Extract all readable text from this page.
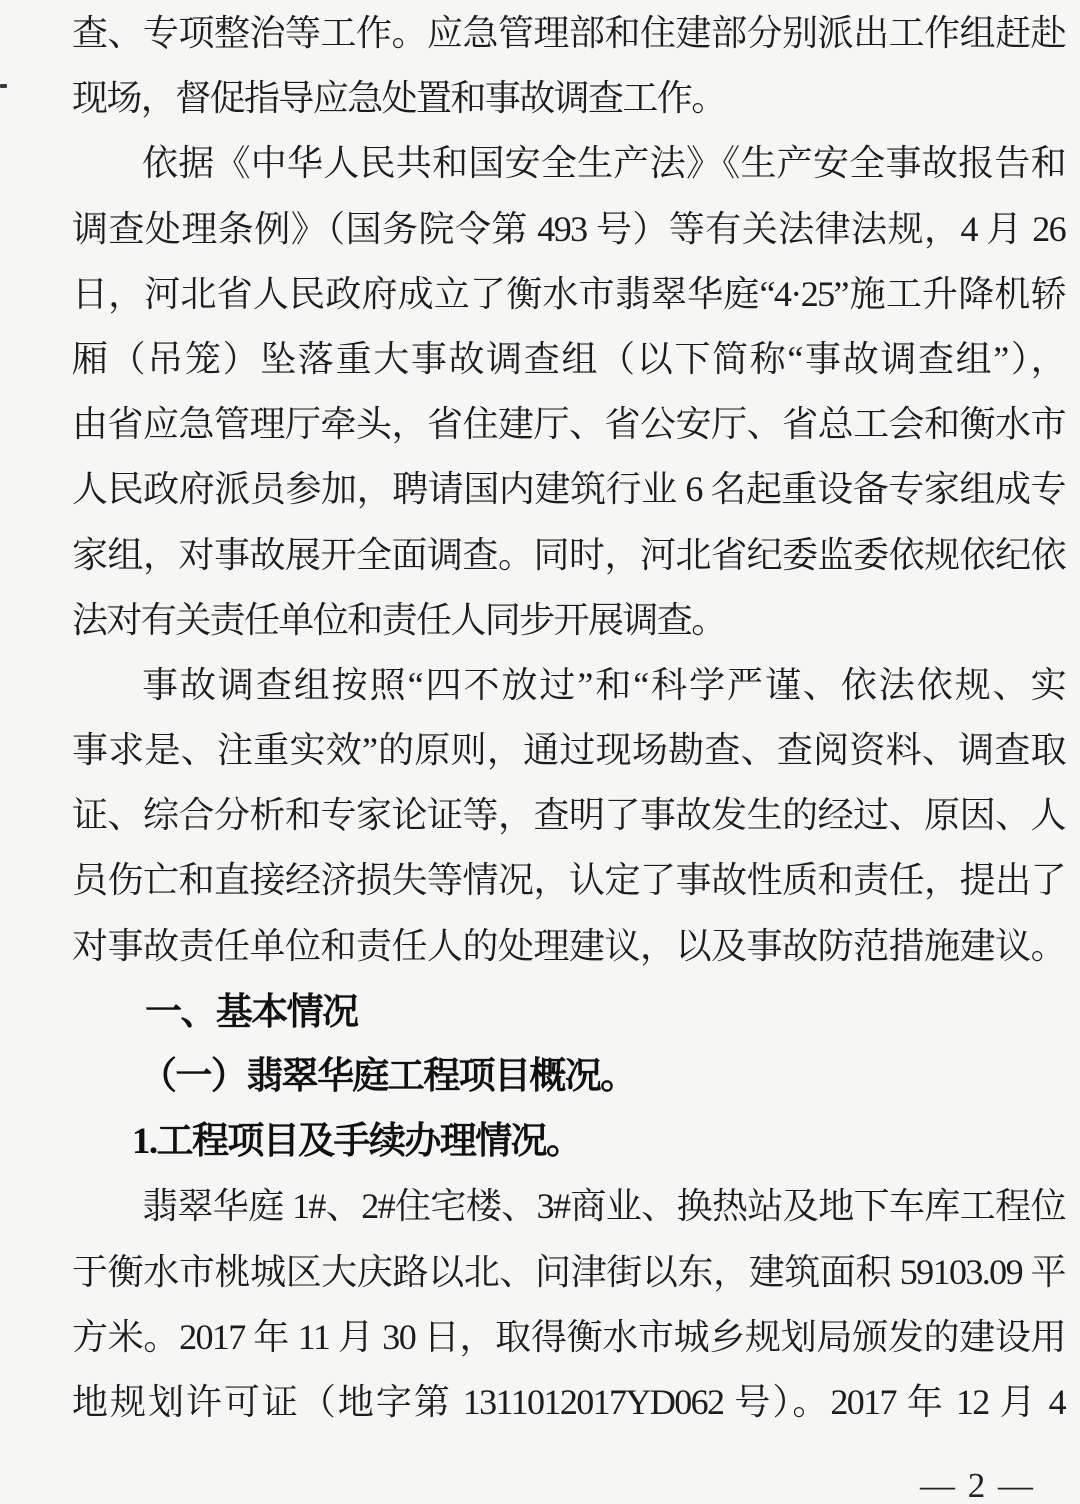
查、专项整治等工作。应急管理部和住建部分别派出工作组赶赴
现场，督促指导应急处置和事故调查工作。
依据《中华人民共和国安全生产法》《生产安全事故报告和
调查处理条例》（国务院令第 493 号）等有关法律法规，4 月 26
日，河北省人民政府成立了衡水市翡翠华庭“4·25”施工升降机轿
厢（吊笼）坠落重大事故调查组（以下简称“事故调查组”），
由省应急管理厅牵头，省住建厅、省公安厅、省总工会和衡水市
人民政府派员参加，聘请国内建筑行业 6 名起重设备专家组成专
家组，对事故展开全面调查。同时，河北省纪委监委依规依纪依
法对有关责任单位和责任人同步开展调查。
事故调查组按照“四不放过”和“科学严谨、依法依规、实
事求是、注重实效”的原则，通过现场勘查、查阅资料、调查取
证、综合分析和专家论证等，查明了事故发生的经过、原因、人
员伤亡和直接经济损失等情况，认定了事故性质和责任，提出了
对事故责任单位和责任人的处理建议，以及事故防范措施建议。
一、基本情况
（一）翡翠华庭工程项目概况。
1.工程项目及手续办理情况。
翡翠华庭 1#、2#住宅楼、3#商业、换热站及地下车库工程位
于衡水市桃城区大庆路以北、问津街以东，建筑面积 59103.09 平
方米。2017 年 11 月 30 日，取得衡水市城乡规划局颁发的建设用
地规划许可证（地字第 1311012017YD062 号）。2017 年 12 月 4
— 2 —
